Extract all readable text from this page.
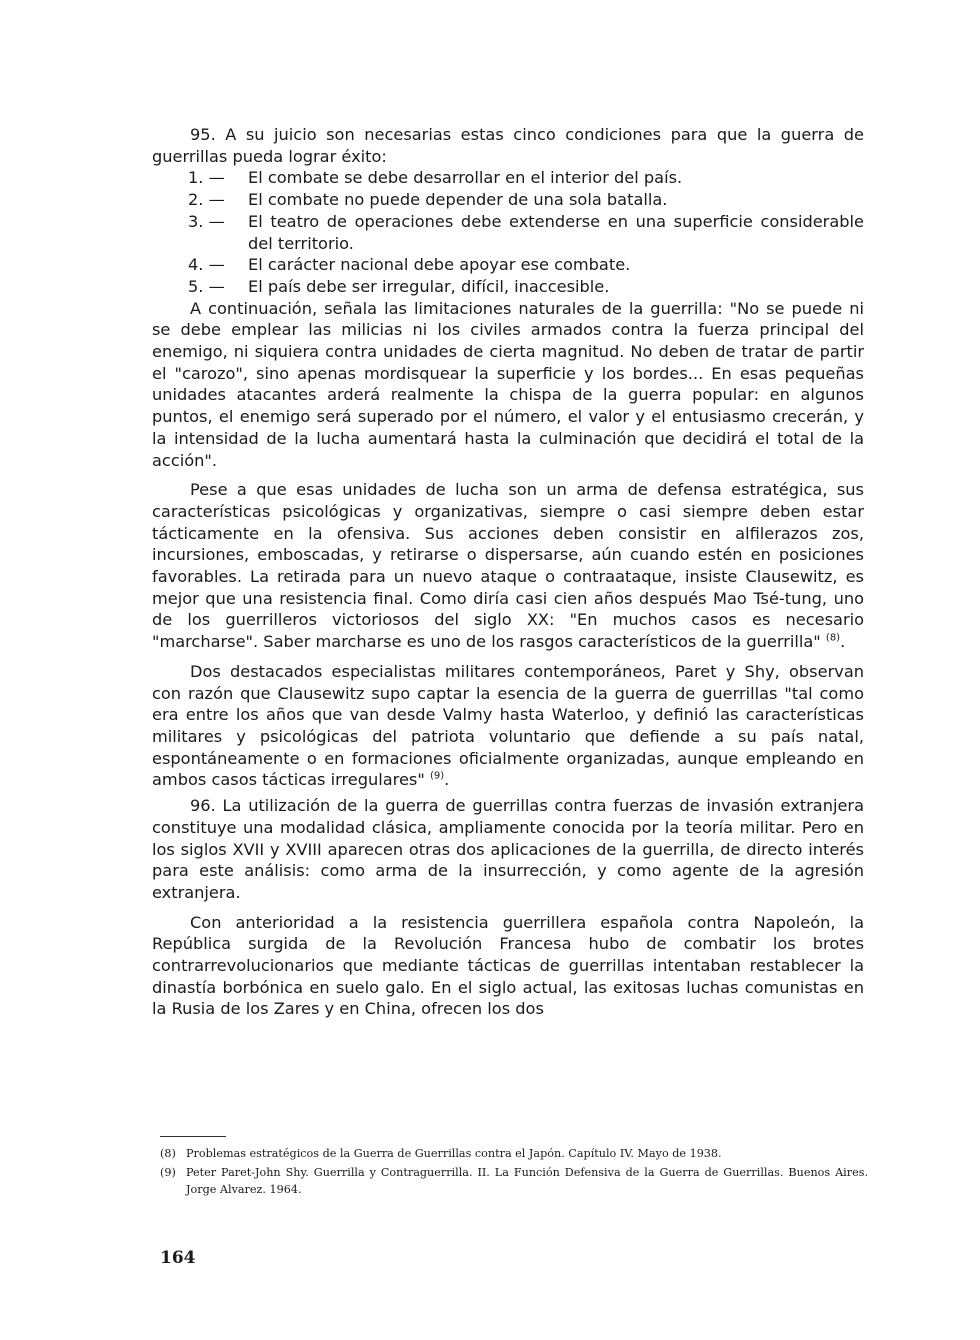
95. A su juicio son necesarias estas cinco condiciones para que la guerra de guerrillas pueda lograr éxito:

1. — El combate se debe desarrollar en el interior del país.
2. — El combate no puede depender de una sola batalla.
3. — El teatro de operaciones debe extenderse en una superficie considerable del territorio.
4. — El carácter nacional debe apoyar ese combate.
5. — El país debe ser irregular, difícil, inaccesible.

A continuación, señala las limitaciones naturales de la guerrilla: "No se puede ni se debe emplear las milicias ni los civiles armados contra la fuerza principal del enemigo, ni siquiera contra unidades de cierta magnitud. No deben de tratar de partir el "carozo", sino apenas mordisquear la superficie y los bordes... En esas pequeñas unidades atacantes arderá realmente la chispa de la guerra popular: en algunos puntos, el enemigo será superado por el número, el valor y el entusiasmo crecerán, y la intensidad de la lucha aumentará hasta la culminación que decidirá el total de la acción".

Pese a que esas unidades de lucha son un arma de defensa estratégica, sus características psicológicas y organizativas, siempre o casi siempre deben estar tácticamente en la ofensiva. Sus acciones deben consistir en alfilerazos zos, incursiones, emboscadas, y retirarse o dispersarse, aún cuando estén en posiciones favorables. La retirada para un nuevo ataque o contraataque, insiste Clausewitz, es mejor que una resistencia final. Como diría casi cien años después Mao Tsé-tung, uno de los guerrilleros victoriosos del siglo XX: "En muchos casos es necesario "marcharse". Saber marcharse es uno de los rasgos característicos de la guerrilla" $^{(8)}$.

Dos destacados especialistas militares contemporáneos, Paret y Shy, observan con razón que Clausewitz supo captar la esencia de la guerra de guerrillas "tal como era entre los años que van desde Valmy hasta Waterloo, y definió las características militares y psicológicas del patriota voluntario que defiende a su país natal, espontáneamente o en formaciones oficialmente organizadas, aunque empleando en ambos casos tácticas irregulares" $^{(9)}$.

96. La utilización de la guerra de guerrillas contra fuerzas de invasión extranjera constituye una modalidad clásica, ampliamente conocida por la teoría militar. Pero en los siglos XVII y XVIII aparecen otras dos aplicaciones de la guerrilla, de directo interés para este análisis: como arma de la insurrección, y como agente de la agresión extranjera.

Con anterioridad a la resistencia guerrillera española contra Napoleón, la República surgida de la Revolución Francesa hubo de combatir los brotes contrarrevolucionarios que mediante tácticas de guerrillas intentaban restablecer la dinastía borbónica en suelo galo. En el siglo actual, las exitosas luchas comunistas en la Rusia de los Zares y en China, ofrecen los dos

(8) Problemas estratégicos de la Guerra de Guerrillas contra el Japón. Capítulo IV. Mayo de 1938.
(9) Peter Paret-John Shy. Guerrilla y Contraguerrilla. II. La Función Defensiva de la Guerra de Guerrillas. Buenos Aires. Jorge Alvarez. 1964.
164
